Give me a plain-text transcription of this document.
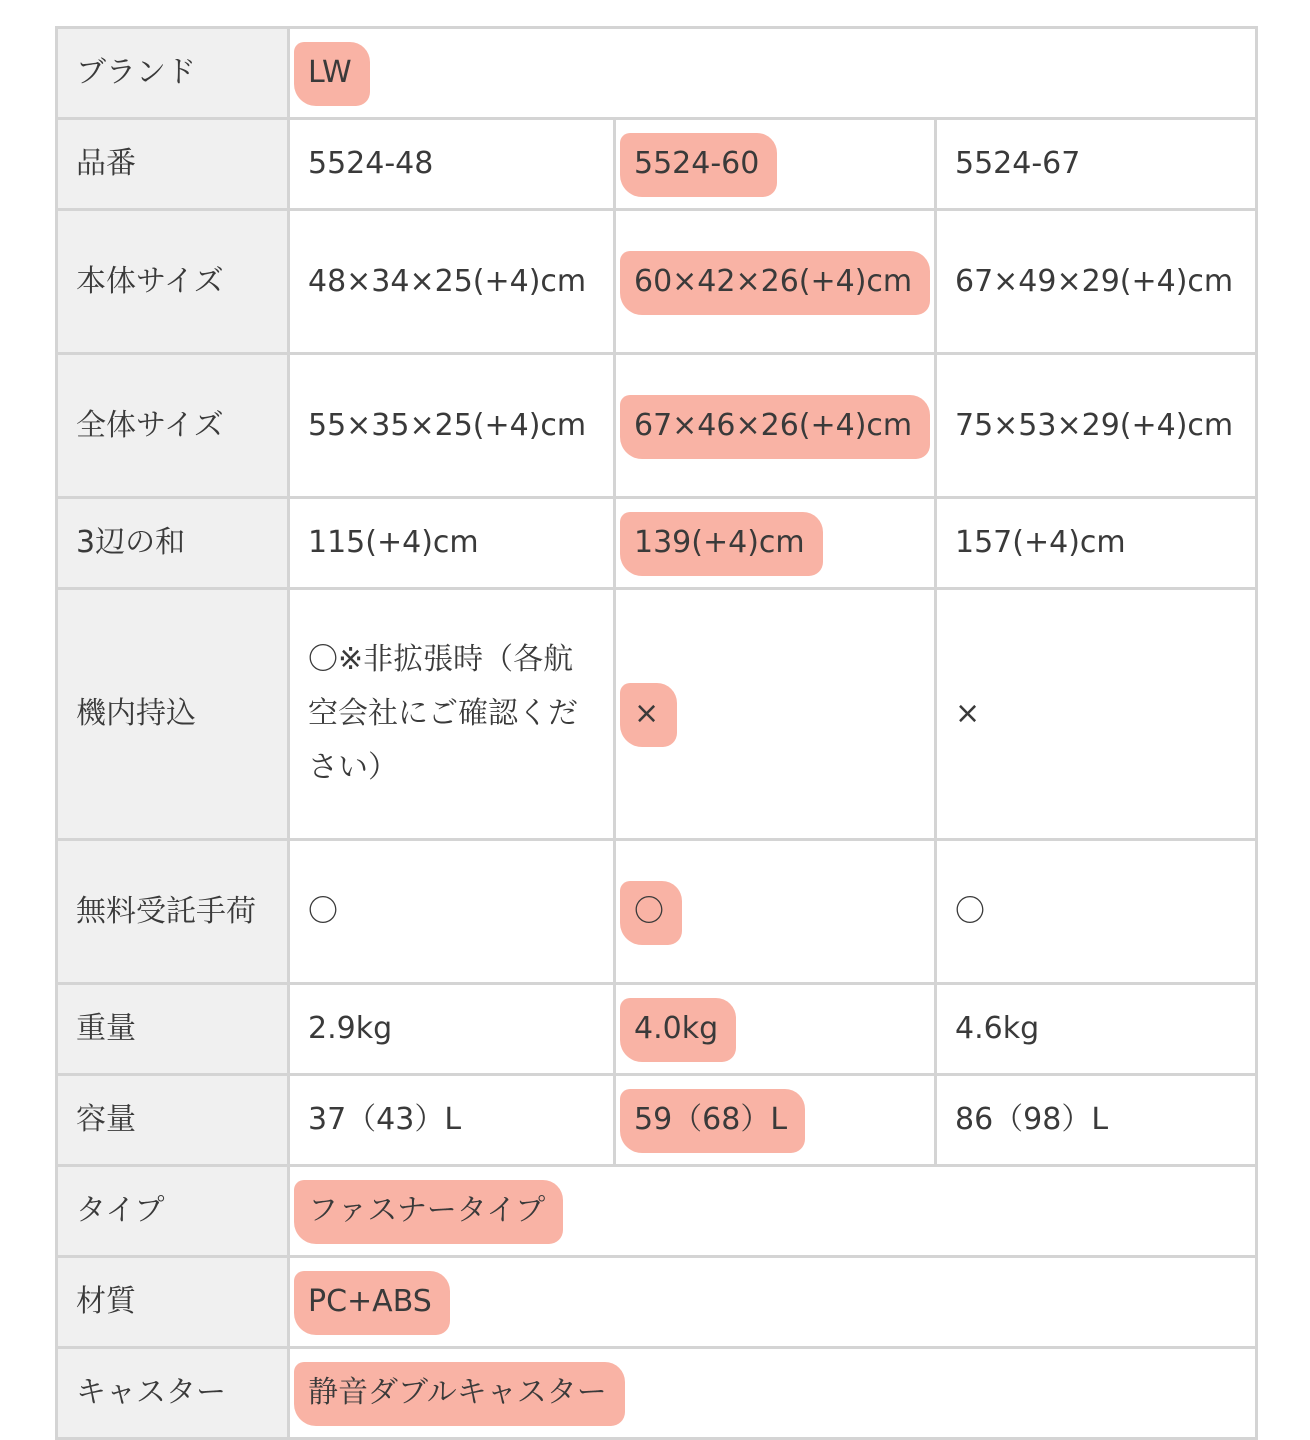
ブランド	LW		
品番	5524-48	5524-60	5524-67
本体サイズ	48×34×25(+4)cm	60×42×26(+4)cm	67×49×29(+4)cm
全体サイズ	55×35×25(+4)cm	67×46×26(+4)cm	75×53×29(+4)cm
3辺の和	115(+4)cm	139(+4)cm	157(+4)cm
機内持込	〇※非拡張時（各航空会社にご確認ください）	×	×
無料受託手荷	〇	〇	〇
重量	2.9kg	4.0kg	4.6kg
容量	37（43）L	59（68）L	86（98）L
タイプ	ファスナータイプ		
材質	PC+ABS		
キャスター	静音ダブルキャスター		
